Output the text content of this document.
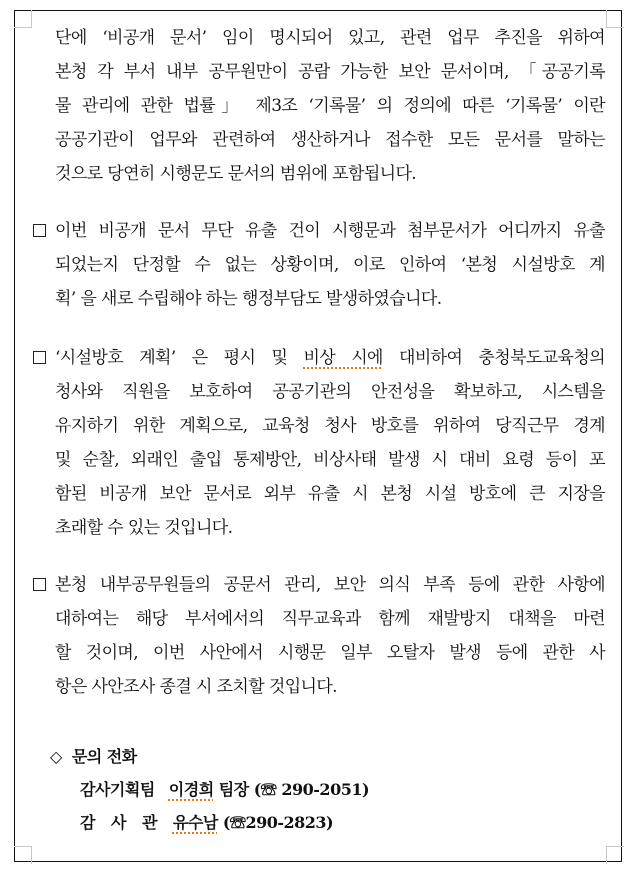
단에 ‘비공개 문서’ 임이 명시되어 있고, 관련 업무 추진을 위하여
본청 각 부서 내부 공무원만이 공람 가능한 보안 문서이며, 「공공기록
물 관리에 관한 법률」 제3조 ‘기록물’ 의 정의에 따른 ‘기록물’ 이란
공공기관이 업무와 관련하여 생산하거나 접수한 모든 문서를 말하는
것으로 당연히 시행문도 문서의 범위에 포함됩니다.
이번 비공개 문서 무단 유출 건이 시행문과 첨부문서가 어디까지 유출
되었는지 단정할 수 없는 상황이며, 이로 인하여 ‘본청 시설방호 계
획’ 을 새로 수립해야 하는 행정부담도 발생하였습니다.
‘시설방호 계획’ 은 평시 및 비상 시에 대비하여 충청북도교육청의
청사와 직원을 보호하여 공공기관의 안전성을 확보하고, 시스템을
유지하기 위한 계획으로, 교육청 청사 방호를 위하여 당직근무 경계
및 순찰, 외래인 출입 통제방안, 비상사태 발생 시 대비 요령 등이 포
함된 비공개 보안 문서로 외부 유출 시 본청 시설 방호에 큰 지장을
초래할 수 있는 것입니다.
본청 내부공무원들의 공문서 관리, 보안 의식 부족 등에 관한 사항에
대하여는 해당 부서에서의 직무교육과 함께 재발방지 대책을 마련
할 것이며, 이번 사안에서 시행문 일부 오탈자 발생 등에 관한 사
항은 사안조사 종결 시 조치할 것입니다.
◇ 문의 전화
감사기획팀 이경희 팀장 (☏ 290-2051)
감 사 관 유수남 (☏290-2823)
